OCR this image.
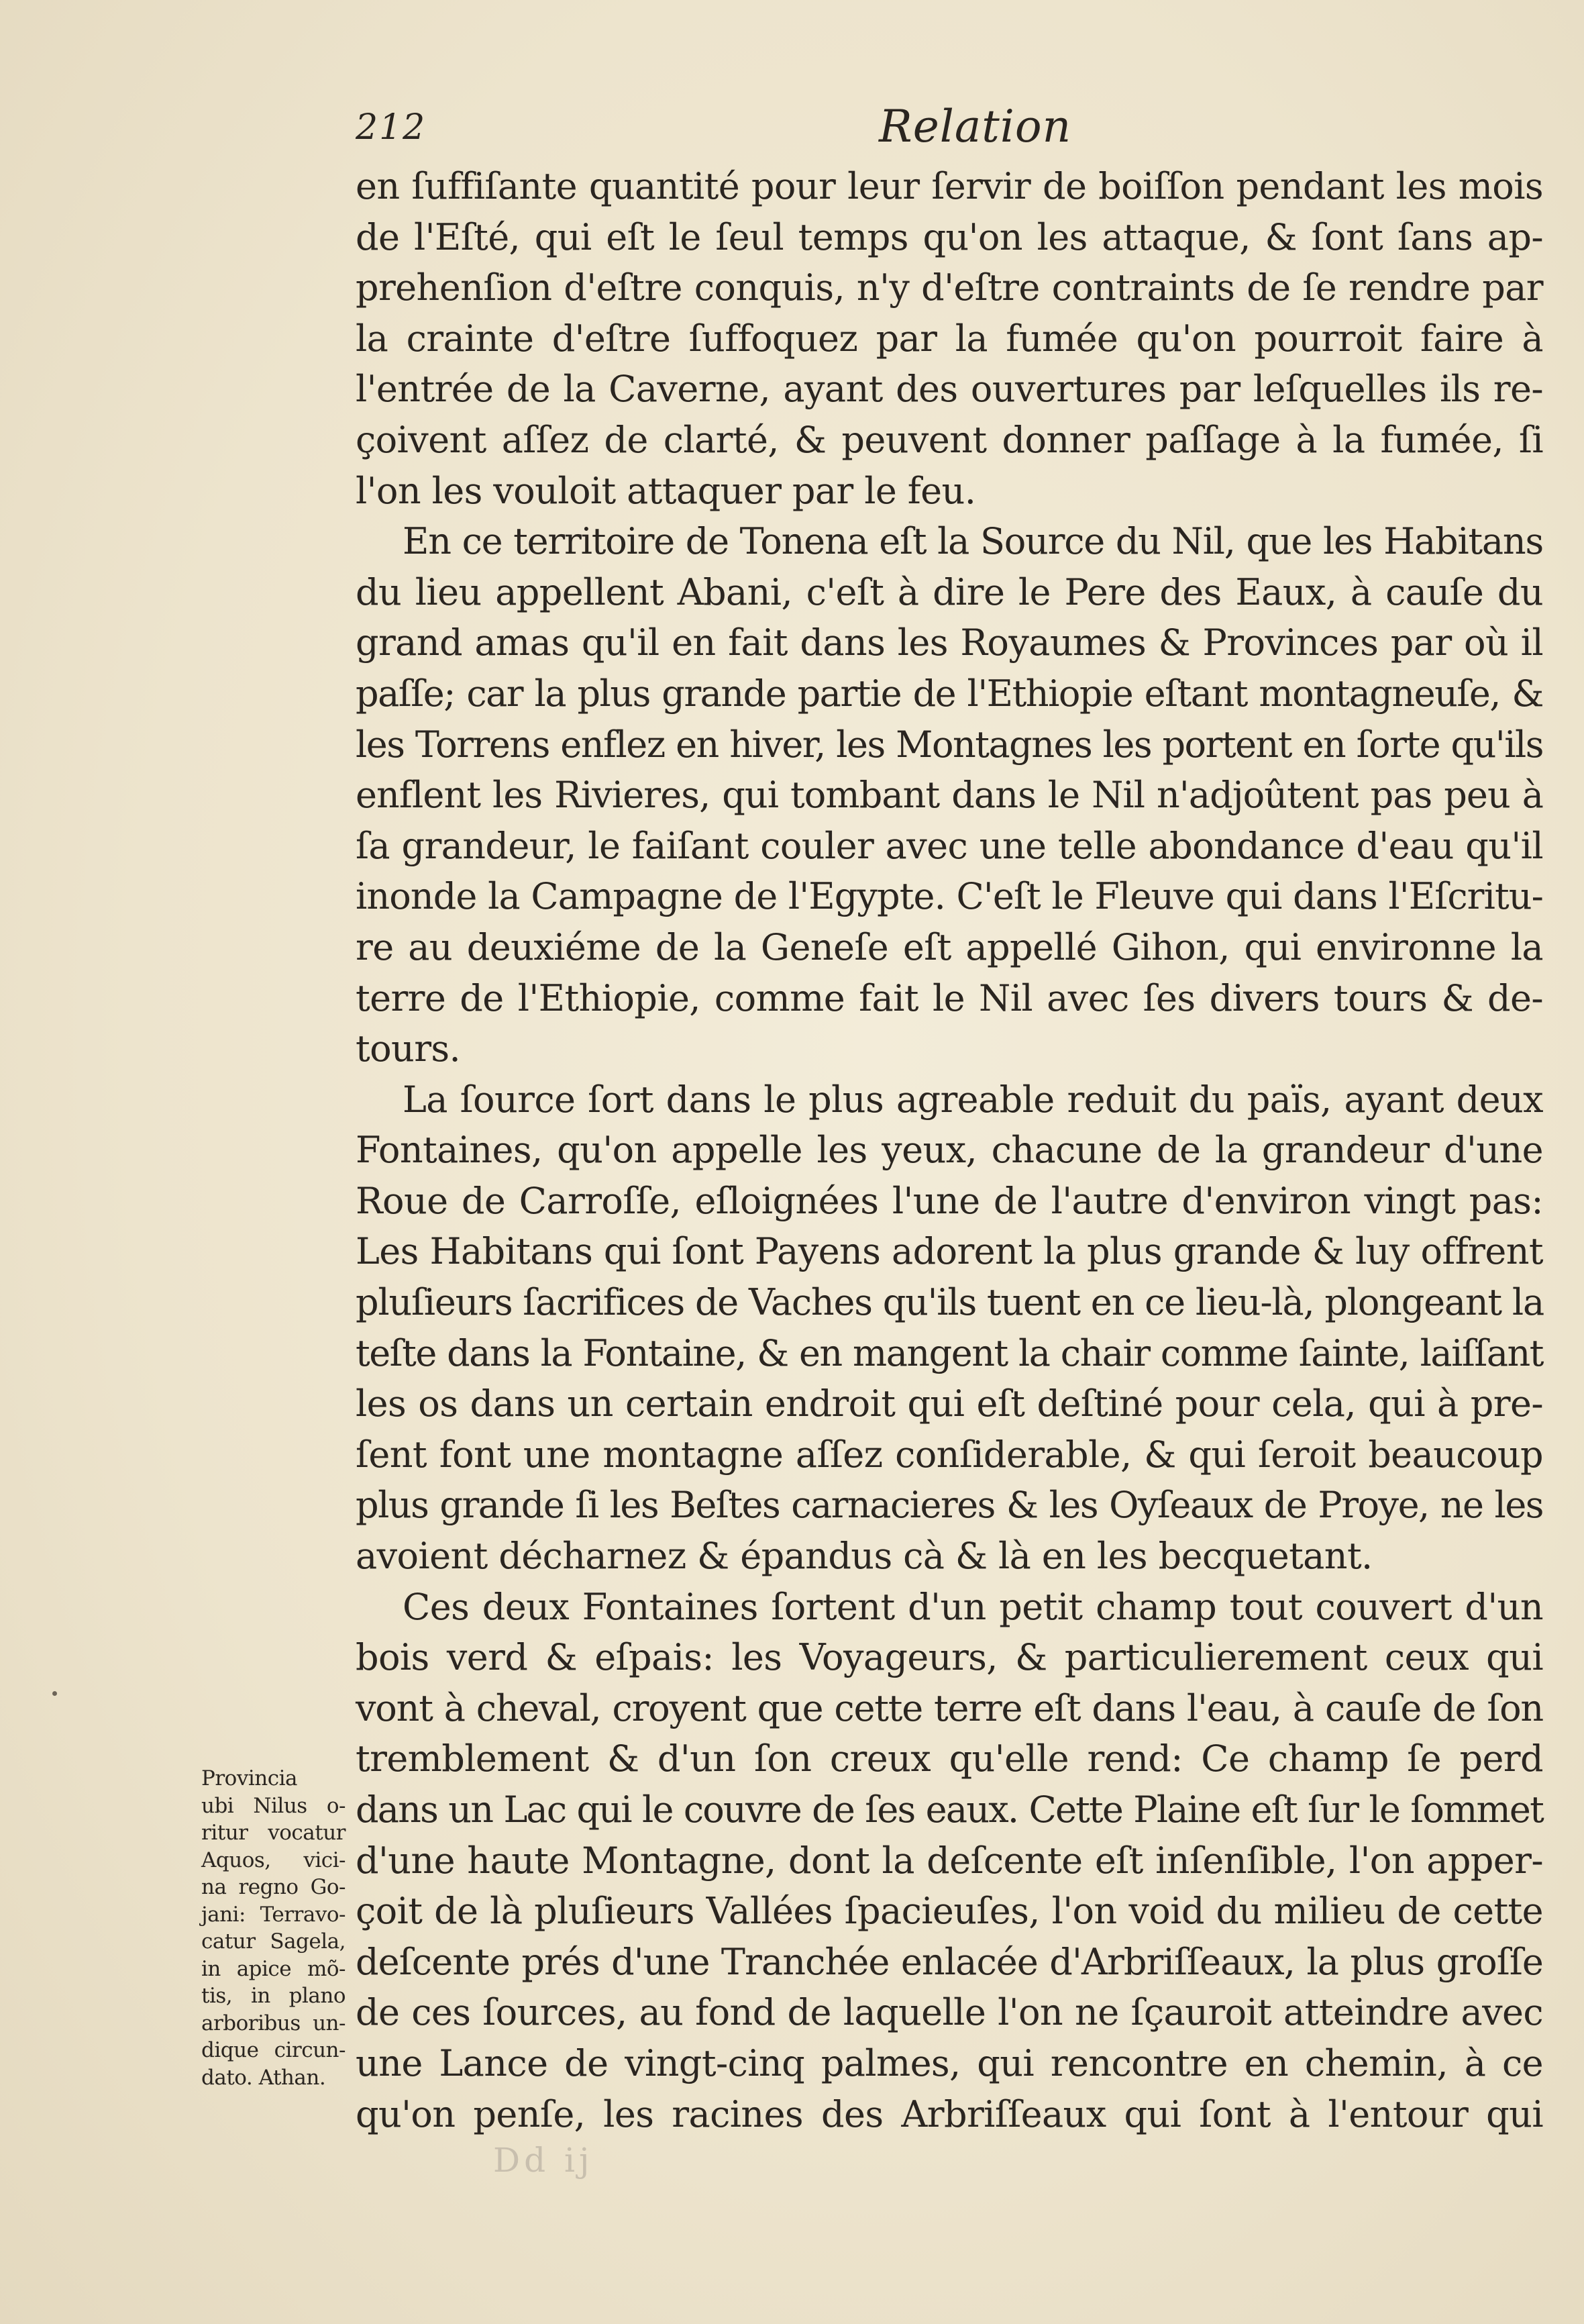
212	Relation
en ſuffiſante quantité pour leur ſervir de boiſſon pendant les mois
de l'Eſté, qui eſt le ſeul temps qu'on les attaque, & ſont ſans ap-
prehenſion d'eſtre conquis, n'y d'eſtre contraints de ſe rendre par
la crainte d'eſtre ſuffoquez par la fumée qu'on pourroit faire à
l'entrée de la Caverne, ayant des ouvertures par leſquelles ils re-
çoivent aſſez de clarté, & peuvent donner paſſage à la fumée, ſi
l'on les vouloit attaquer par le feu.
En ce territoire de Tonena eſt la Source du Nil, que les Habitans
du lieu appellent Abani, c'eſt à dire le Pere des Eaux, à cauſe du
grand amas qu'il en fait dans les Royaumes & Provinces par où il
paſſe; car la plus grande partie de l'Ethiopie eſtant montagneuſe, &
les Torrens enflez en hiver, les Montagnes les portent en ſorte qu'ils
enflent les Rivieres, qui tombant dans le Nil n'adjoûtent pas peu à
ſa grandeur, le faiſant couler avec une telle abondance d'eau qu'il
inonde la Campagne de l'Egypte. C'eſt le Fleuve qui dans l'Eſcritu-
re au deuxiéme de la Geneſe eſt appellé Gihon, qui environne la
terre de l'Ethiopie, comme fait le Nil avec ſes divers tours & de-
tours.
La ſource ſort dans le plus agreable reduit du païs, ayant deux
Fontaines, qu'on appelle les yeux, chacune de la grandeur d'une
Roue de Carroſſe, eſloignées l'une de l'autre d'environ vingt pas:
Les Habitans qui ſont Payens adorent la plus grande & luy offrent
pluſieurs ſacrifices de Vaches qu'ils tuent en ce lieu-là, plongeant la
teſte dans la Fontaine, & en mangent la chair comme ſainte, laiſſant
les os dans un certain endroit qui eſt deſtiné pour cela, qui à pre-
ſent font une montagne aſſez conſiderable, & qui ſeroit beaucoup
plus grande ſi les Beſtes carnacieres & les Oyſeaux de Proye, ne les
avoient décharnez & épandus cà & là en les becquetant.
Ces deux Fontaines ſortent d'un petit champ tout couvert d'un
bois verd & eſpais: les Voyageurs, & particulierement ceux qui
vont à cheval, croyent que cette terre eſt dans l'eau, à cauſe de ſon
tremblement & d'un ſon creux qu'elle rend: Ce champ ſe perd
dans un Lac qui le couvre de ſes eaux. Cette Plaine eſt ſur le ſommet
d'une haute Montagne, dont la deſcente eſt inſenſible, l'on apper-
çoit de là pluſieurs Vallées ſpacieuſes, l'on void du milieu de cette
deſcente prés d'une Tranchée enlacée d'Arbriſſeaux, la plus groſſe
de ces ſources, au fond de laquelle l'on ne ſçauroit atteindre avec
une Lance de vingt-cinq palmes, qui rencontre en chemin, à ce
qu'on penſe, les racines des Arbriſſeaux qui ſont à l'entour qui
Provincia
ubi Nilus o-
ritur vocatur
Aquos, vici-
na regno Go-
jani: Terravo-
catur Sagela,
in apice mõ-
tis, in plano
arboribus un-
dique circun-
dato. Athan.
Dd ij
